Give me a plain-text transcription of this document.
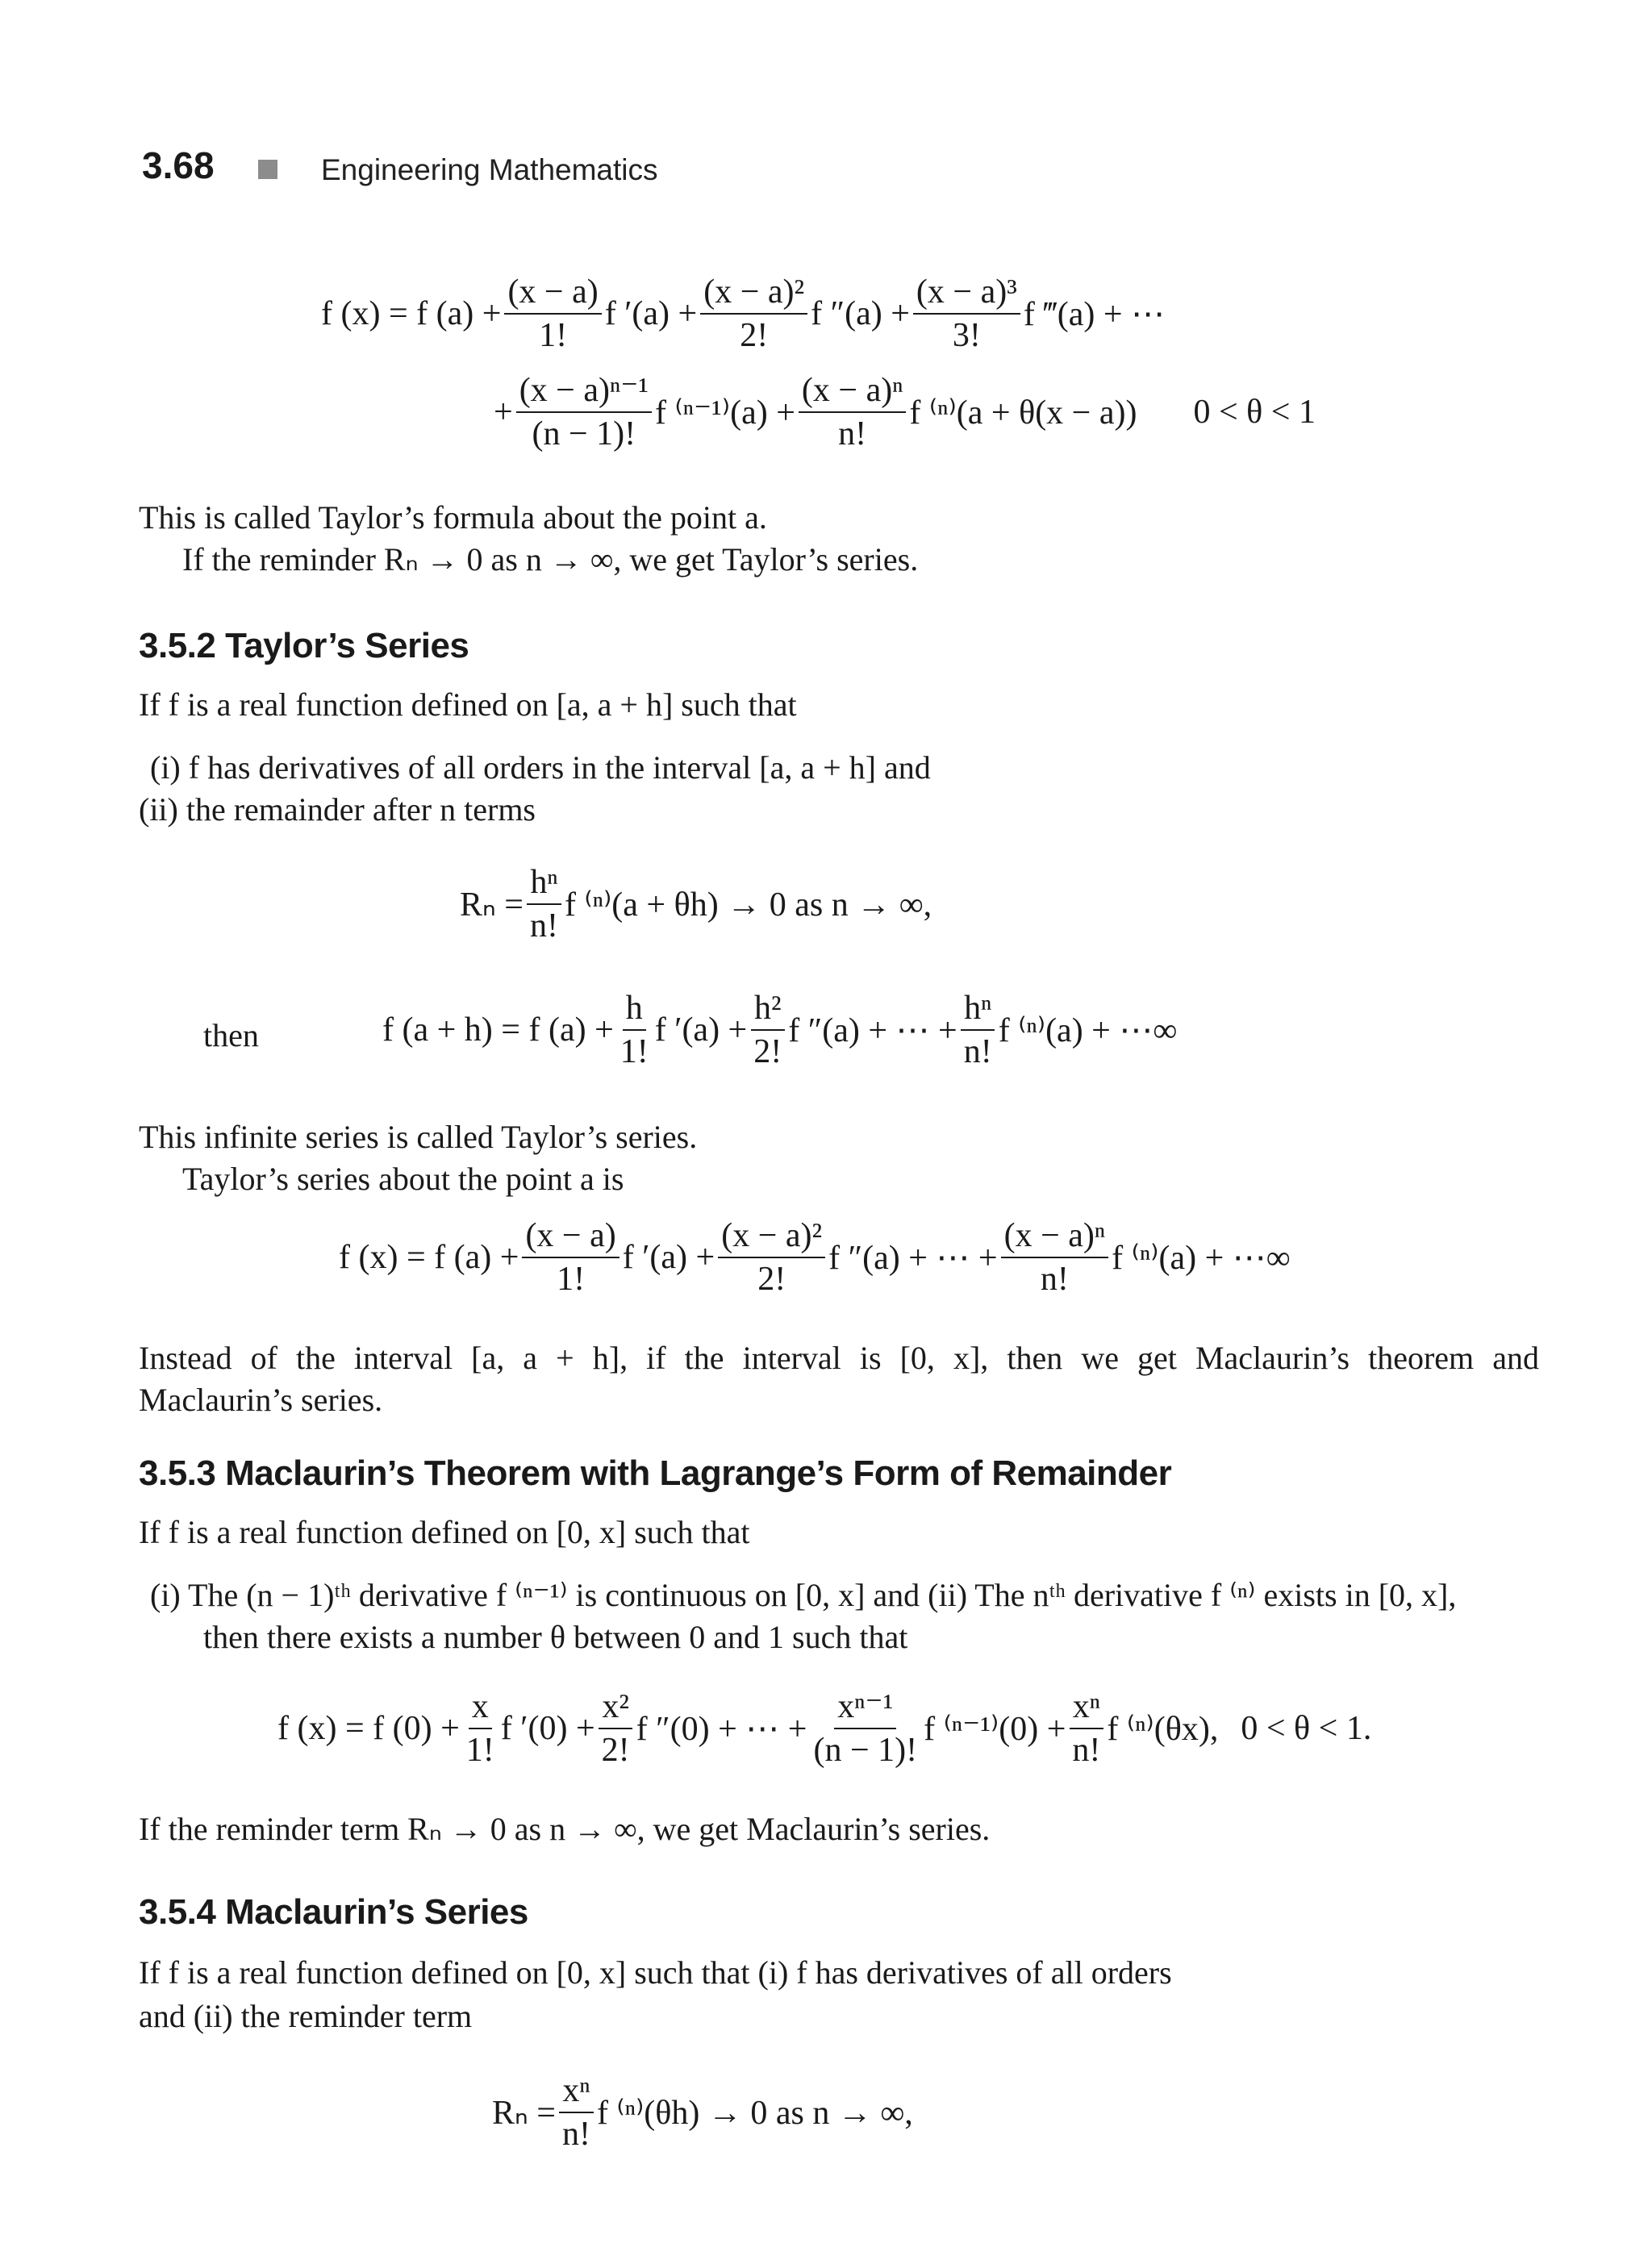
3.68	Engineering Mathematics
f (x) = f $(a) + \frac{(x - a)}{1!}$ f $'(a) + \frac{\text{(x − a)²}}{2!}$ f $''(a) + \frac{\text{(x − a)³}}{3!}$ f ‴(a) + ⋯
+ $\frac{\text{(x − a)ⁿ⁻¹}}{(n - 1)!}$ f $^{(n-1)}(a) + \frac{\text{(x − a)ⁿ}}{n!}$ f ⁽ⁿ⁾(a + θ(x − a)) 0 < θ < 1
This is called Taylor’s formula about the point a.
If the reminder Rₙ → 0 as n → ∞, we get Taylor’s series.
3.5.2 Taylor’s Series
If f is a real function defined on [a, a + h] such that
(i) f has derivatives of all orders in the interval [a, a + h] and
(ii) the remainder after n terms
$R_n = \frac{\text{hⁿ}}{n!}$ f ⁽ⁿ⁾(a + θh) → 0 as n → ∞,
then	f (a + h) = f $(a) + \frac{h}{1!}$ f $'(a) + \frac{\text{h²}}{2!}$ f ″(a) + ⋯ + $\frac{\text{hⁿ}}{n!}$ f ⁽ⁿ⁾(a) + ⋯∞
This infinite series is called Taylor’s series.
Taylor’s series about the point a is
f (x) = f $(a) + \frac{(x - a)}{1!}$ f $'(a) + \frac{\text{(x − a)²}}{2!}$ f ″(a) + ⋯ + $\frac{\text{(x − a)ⁿ}}{n!}$ f ⁽ⁿ⁾(a) + ⋯∞
Instead of the interval [a, a + h], if the interval is [0, x], then we get Maclaurin’s theorem and
Maclaurin’s series.
3.5.3 Maclaurin’s Theorem with Lagrange’s Form of Remainder
If f is a real function defined on [0, x] such that
(i) The (n − 1)ᵗʰ derivative f ⁽ⁿ⁻¹⁾ is continuous on [0, x] and (ii) The nᵗʰ derivative f ⁽ⁿ⁾ exists in [0, x],
then there exists a number θ between 0 and 1 such that
f (x) = f $(0) + \frac{x}{1!}$ f $'(0) + \frac{\text{x²}}{2!}$ f ″(0) + ⋯ + $\frac{\text{xⁿ⁻¹}}{(n - 1)!}$ f $^{(n-1)}(0) + \frac{\text{xⁿ}}{n!}$ f ⁽ⁿ⁾(θx), 0 < θ < 1.
If the reminder term Rₙ → 0 as n → ∞, we get Maclaurin’s series.
3.5.4 Maclaurin’s Series
If f is a real function defined on [0, x] such that (i) f has derivatives of all orders
and (ii) the reminder term
$R_n = \frac{\text{xⁿ}}{n!}$ f ⁽ⁿ⁾(θh) → 0 as n → ∞,
